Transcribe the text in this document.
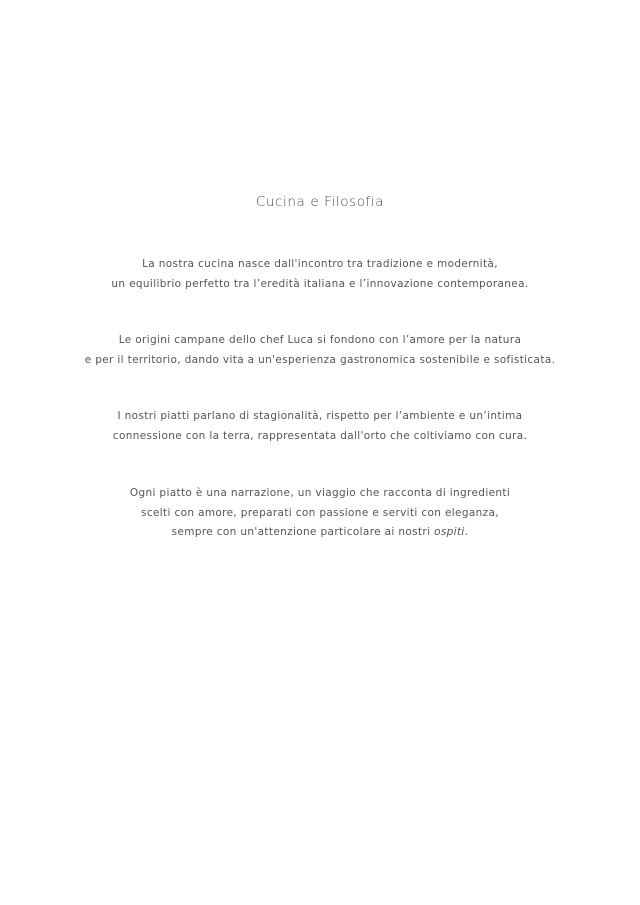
Cucina e Filosofia
La nostra cucina nasce dall'incontro tra tradizione e modernità,
un equilibrio perfetto tra l’eredità italiana e l’innovazione contemporanea.
Le origini campane dello chef Luca si fondono con l’amore per la natura
e per il territorio, dando vita a un'esperienza gastronomica sostenibile e sofisticata.
I nostri piatti parlano di stagionalità, rispetto per l’ambiente e un’intima
connessione con la terra, rappresentata dall'orto che coltiviamo con cura.
Ogni piatto è una narrazione, un viaggio che racconta di ingredienti
scelti con amore, preparati con passione e serviti con eleganza,
sempre con un'attenzione particolare ai nostri ospiti.
